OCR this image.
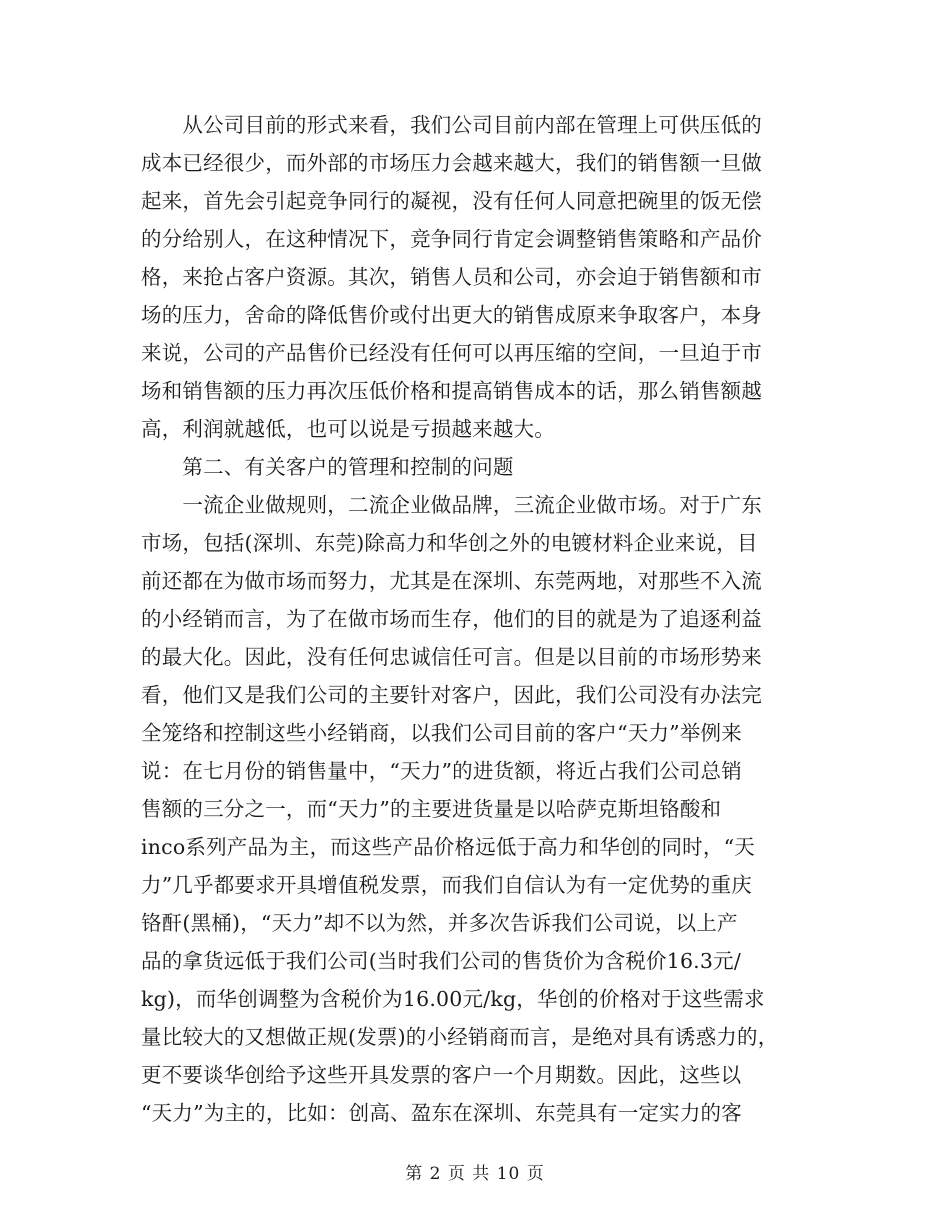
　　从公司目前的形式来看，我们公司目前内部在管理上可供压低的
成本已经很少，而外部的市场压力会越来越大，我们的销售额一旦做
起来，首先会引起竞争同行的凝视，没有任何人同意把碗里的饭无偿
的分给别人，在这种情况下，竞争同行肯定会调整销售策略和产品价
格，来抢占客户资源。其次，销售人员和公司，亦会迫于销售额和市
场的压力，舍命的降低售价或付出更大的销售成原来争取客户，本身
来说，公司的产品售价已经没有任何可以再压缩的空间，一旦迫于市
场和销售额的压力再次压低价格和提高销售成本的话，那么销售额越
高，利润就越低，也可以说是亏损越来越大。
　　第二、有关客户的管理和控制的问题
　　一流企业做规则，二流企业做品牌，三流企业做市场。对于广东
市场，包括(深圳、东莞)除高力和华创之外的电镀材料企业来说，目
前还都在为做市场而努力，尤其是在深圳、东莞两地，对那些不入流
的小经销而言，为了在做市场而生存，他们的目的就是为了追逐利益
的最大化。因此，没有任何忠诚信任可言。但是以目前的市场形势来
看，他们又是我们公司的主要针对客户，因此，我们公司没有办法完
全笼络和控制这些小经销商，以我们公司目前的客户“天力”举例来
说：在七月份的销售量中，“天力”的进货额，将近占我们公司总销
售额的三分之一，而“天力”的主要进货量是以哈萨克斯坦铬酸和
inco系列产品为主，而这些产品价格远低于高力和华创的同时，“天
力”几乎都要求开具增值税发票，而我们自信认为有一定优势的重庆
铬酐(黑桶)，“天力”却不以为然，并多次告诉我们公司说，以上产
品的拿货远低于我们公司(当时我们公司的售货价为含税价16.3元/
kg)，而华创调整为含税价为16.00元/kg，华创的价格对于这些需求
量比较大的又想做正规(发票)的小经销商而言，是绝对具有诱惑力的，
更不要谈华创给予这些开具发票的客户一个月期数。因此，这些以
“天力”为主的，比如：创高、盈东在深圳、东莞具有一定实力的客
第 2 页 共 10 页
